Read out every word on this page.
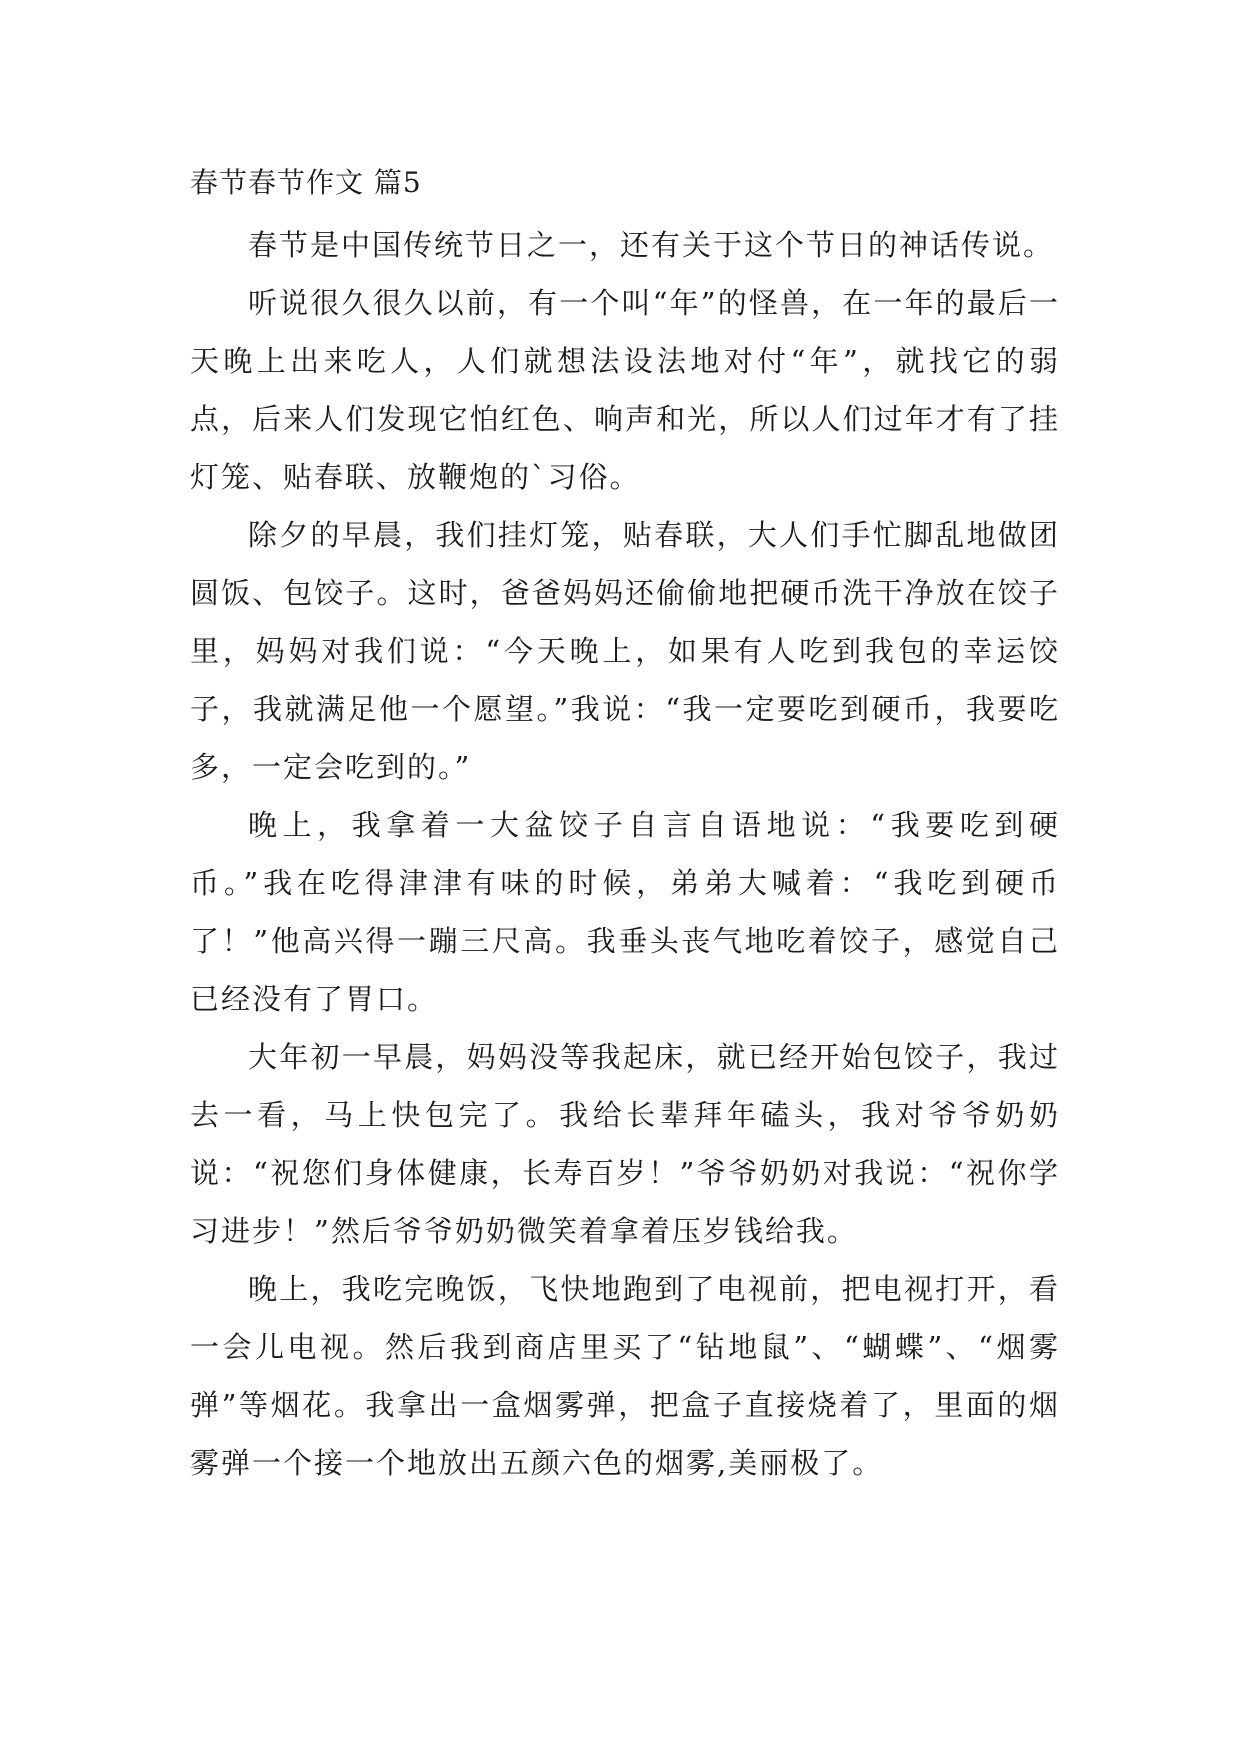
春节春节作文 篇5

春节是中国传统节日之一，还有关于这个节日的神话传说。

听说很久很久以前，有一个叫“年”的怪兽，在一年的最后一天晚上出来吃人，人们就想法设法地对付“年”，就找它的弱点，后来人们发现它怕红色、响声和光，所以人们过年才有了挂灯笼、贴春联、放鞭炮的`习俗。

除夕的早晨，我们挂灯笼，贴春联，大人们手忙脚乱地做团圆饭、包饺子。这时，爸爸妈妈还偷偷地把硬币洗干净放在饺子里，妈妈对我们说：“今天晚上，如果有人吃到我包的幸运饺子，我就满足他一个愿望。”我说：“我一定要吃到硬币，我要吃多，一定会吃到的。”

晚上，我拿着一大盆饺子自言自语地说：“我要吃到硬币。”我在吃得津津有味的时候，弟弟大喊着：“我吃到硬币了！”他高兴得一蹦三尺高。我垂头丧气地吃着饺子，感觉自己已经没有了胃口。

大年初一早晨，妈妈没等我起床，就已经开始包饺子，我过去一看，马上快包完了。我给长辈拜年磕头，我对爷爷奶奶说：“祝您们身体健康，长寿百岁！”爷爷奶奶对我说：“祝你学习进步！”然后爷爷奶奶微笑着拿着压岁钱给我。

晚上，我吃完晚饭，飞快地跑到了电视前，把电视打开，看一会儿电视。然后我到商店里买了“钻地鼠”、“蝴蝶”、“烟雾弹”等烟花。我拿出一盒烟雾弹，把盒子直接烧着了，里面的烟雾弹一个接一个地放出五颜六色的烟雾,美丽极了。
